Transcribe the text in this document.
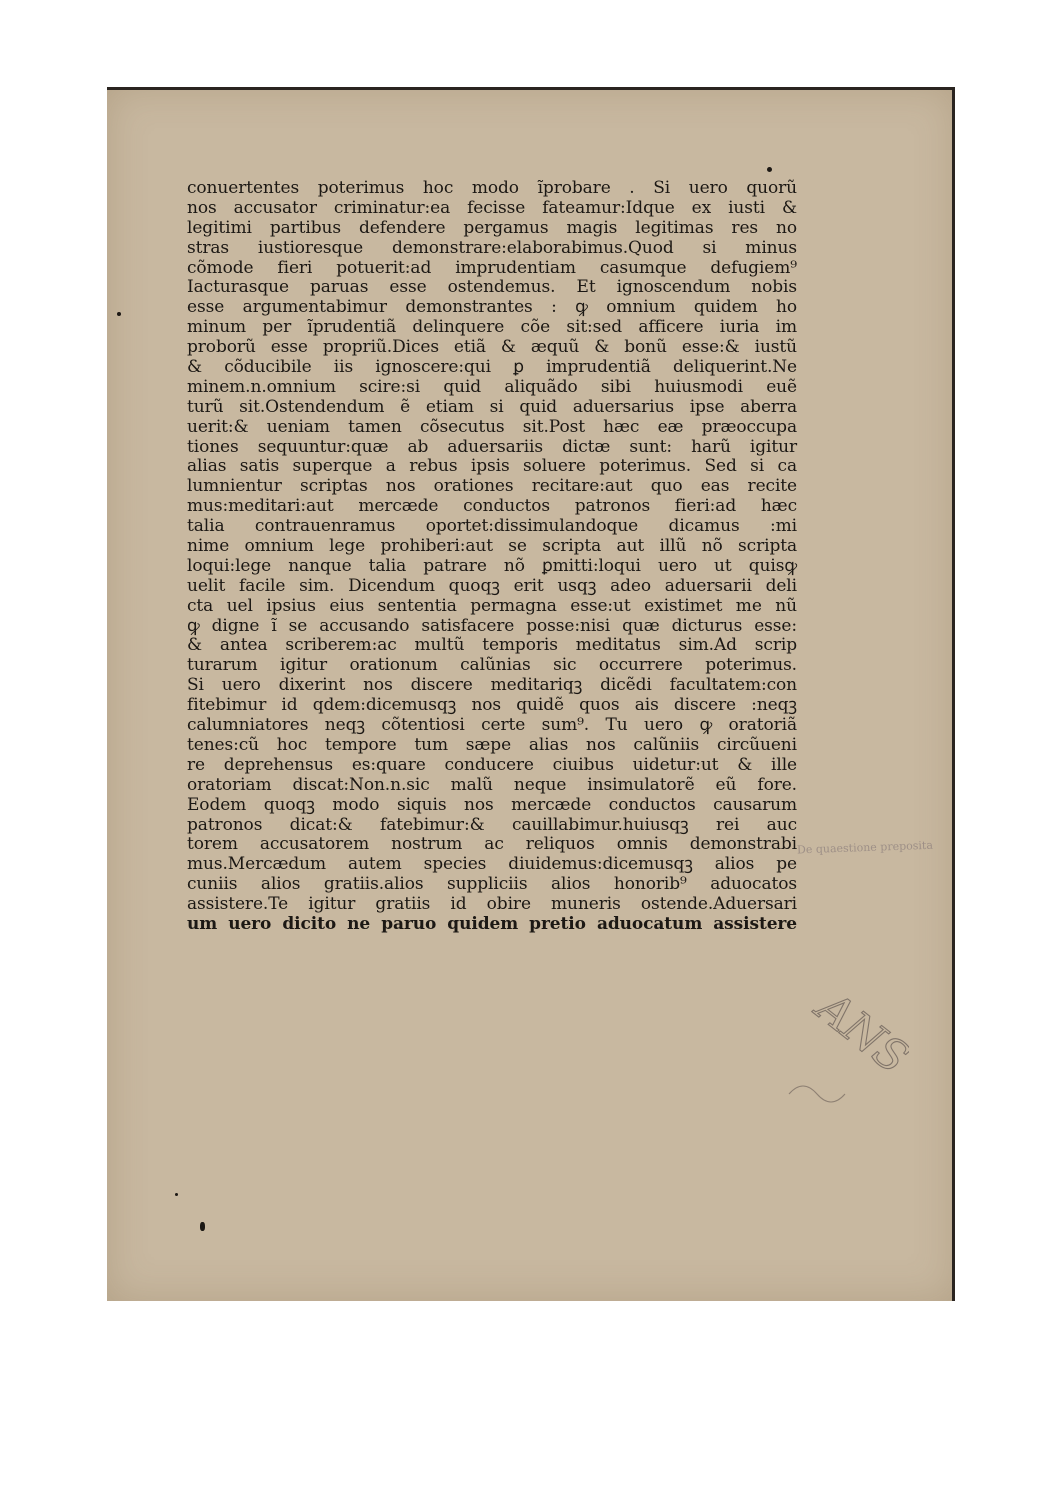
conuertentes poterimus hoc modo ĩprobare . Si uero quorũ
nos accusator criminatur:ea fecisse fateamur:Idque ex iusti &
legitimi partibus defendere pergamus magis legitimas res no
stras iustioresque demonstrare:elaborabimus.Quod si minus
cõmode fieri potuerit:ad imprudentiam casumque defugiem⁹
Iacturasque paruas esse ostendemus. Et ignoscendum nobis
esse argumentabimur demonstrantes : ꝙ omnium quidem ho
minum per ĩprudentiã delinquere cõe sit:sed afficere iuria im
proborũ esse propriũ.Dices etiã & æquũ & bonũ esse:& iustũ
& cõducibile iis ignoscere:qui ꝑ imprudentiã deliquerint.Ne
minem.n.omnium scire:si quid aliquãdo sibi huiusmodi euẽ
turũ sit.Ostendendum ẽ etiam si quid aduersarius ipse aberra
uerit:& ueniam tamen cõsecutus sit.Post hæc eæ præoccupa
tiones sequuntur:quæ ab aduersariis dictæ sunt: harũ igitur
alias satis superque a rebus ipsis soluere poterimus. Sed si ca
lumnientur scriptas nos orationes recitare:aut quo eas recite
mus:meditari:aut mercæde conductos patronos fieri:ad hæc
talia contrauenramus oportet:dissimulandoque dicamus :mi
nime omnium lege prohiberi:aut se scripta aut illũ nõ scripta
loqui:lege nanque talia patrare nõ ꝑmitti:loqui uero ut quisꝙ
uelit facile sim. Dicendum quoqꝫ erit usqꝫ adeo aduersarii deli
cta uel ipsius eius sententia permagna esse:ut existimet me nũ
ꝙ digne ĩ se accusando satisfacere posse:nisi quæ dicturus esse:
& antea scriberem:ac multũ temporis meditatus sim.Ad scrip
turarum igitur orationum calũnias sic occurrere poterimus.
Si uero dixerint nos discere meditariqꝫ dicẽdi facultatem:con
fitebimur id qdem:dicemusqꝫ nos quidẽ quos ais discere :neqꝫ
calumniatores neqꝫ cõtentiosi certe sum⁹. Tu uero ꝙ oratoriã
tenes:cũ hoc tempore tum sæpe alias nos calũniis circũueni
re deprehensus es:quare conducere ciuibus uidetur:ut & ille
oratoriam discat:Non.n.sic malũ neque insimulatorẽ eũ fore.
Eodem quoqꝫ modo siquis nos mercæde conductos causarum
patronos dicat:& fatebimur:& cauillabimur.huiusqꝫ rei auc
torem accusatorem nostrum ac reliquos omnis demonstrabi
mus.Mercædum autem species diuidemus:dicemusqꝫ alios pe
cuniis alios gratiis.alios suppliciis alios honorib⁹ aduocatos
assistere.Te igitur gratiis id obire muneris ostende.Aduersari
um uero dicito ne paruo quidem pretio aduocatum assistere
De quaestione preposita
ANS
